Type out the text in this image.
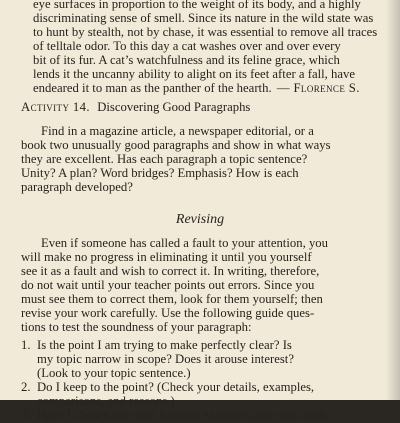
eye surfaces in proportion to the weight of its body, and a highly
discriminating sense of smell. Since its nature in the wild state was
to hunt by stealth, not by chase, it was essential to remove all traces
of telltale odor. To this day a cat washes over and over every
bit of its fur. A cat’s watchfulness and its feline grace, which
lends it the uncanny ability to alight on its feet after a fall, have
endeared it to man as the panther of the hearth. — Florence S.
Activity 14. Discovering Good Paragraphs
Find in a magazine article, a newspaper editorial, or a
book two unusually good paragraphs and show in what ways
they are excellent. Has each paragraph a topic sentence?
Unity? A plan? Word bridges? Emphasis? How is each
paragraph developed?
Revising
Even if someone has called a fault to your attention, you
will make no progress in eliminating it until you yourself
see it as a fault and wish to correct it. In writing, therefore,
do not wait until your teacher points out errors. Since you
must see them to correct them, look for them yourself; then
revise your work carefully. Use the following guide ques-
tions to test the soundness of your paragraph:
1. Is the point I am trying to make perfectly clear? Is
my topic narrow in scope? Does it arouse interest?
(Look to your topic sentence.)
2. Do I keep to the point? (Check your details, examples,
comparisons, and reasons.)
3. Have I chosen the most forceful examples, the most strik-
